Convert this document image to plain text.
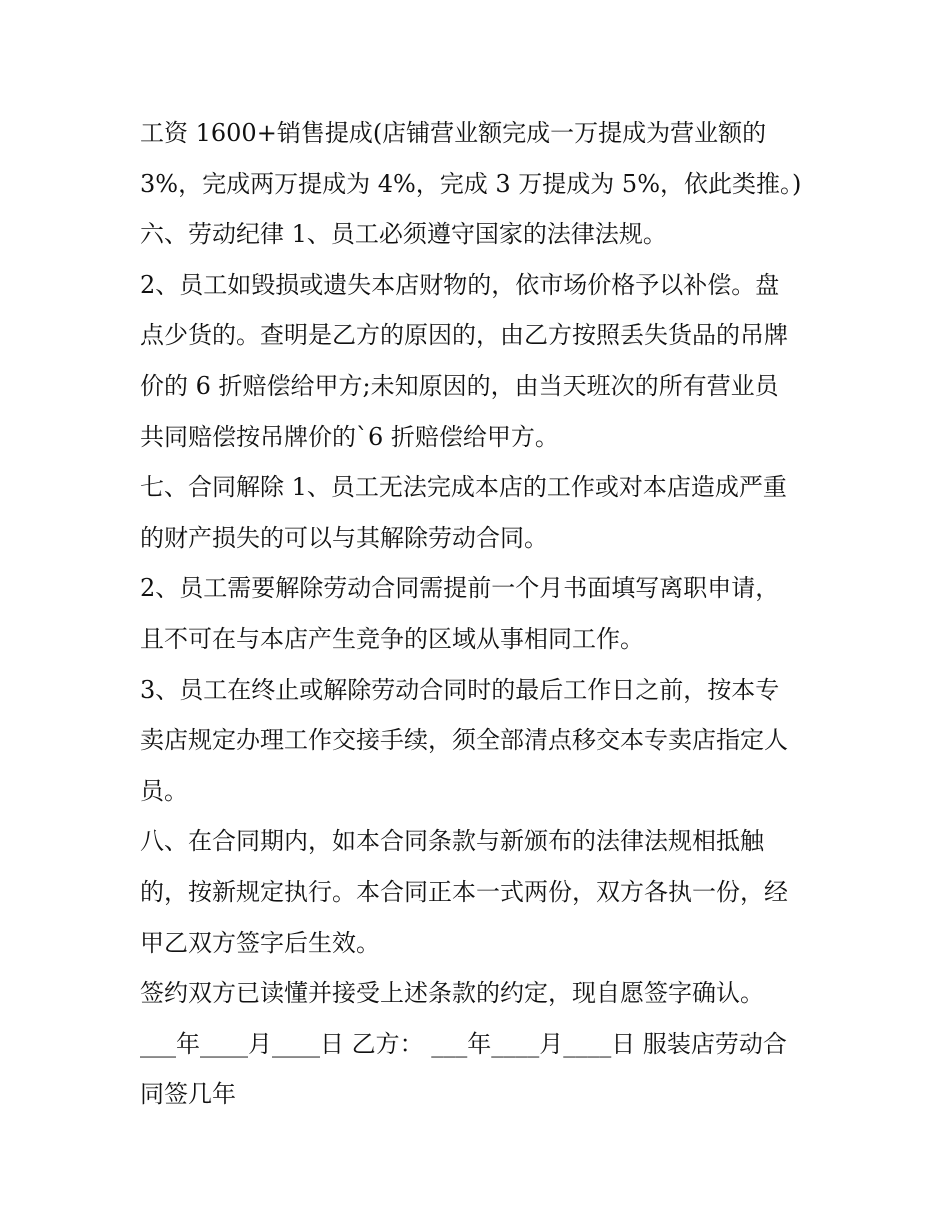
工资 1600+销售提成(店铺营业额完成一万提成为营业额的
3%，完成两万提成为 4%，完成 3 万提成为 5%，依此类推。)
六、劳动纪律 1、员工必须遵守国家的法律法规。
2、员工如毁损或遗失本店财物的，依市场价格予以补偿。盘
点少货的。查明是乙方的原因的，由乙方按照丢失货品的吊牌
价的 6 折赔偿给甲方;未知原因的，由当天班次的所有营业员
共同赔偿按吊牌价的`6 折赔偿给甲方。
七、合同解除 1、员工无法完成本店的工作或对本店造成严重
的财产损失的可以与其解除劳动合同。
2、员工需要解除劳动合同需提前一个月书面填写离职申请，
且不可在与本店产生竞争的区域从事相同工作。
3、员工在终止或解除劳动合同时的最后工作日之前，按本专
卖店规定办理工作交接手续，须全部清点移交本专卖店指定人
员。
八、在合同期内，如本合同条款与新颁布的法律法规相抵触
的，按新规定执行。本合同正本一式两份，双方各执一份，经
甲乙双方签字后生效。
签约双方已读懂并接受上述条款的约定，现自愿签字确认。
___年____月____日 乙方： ___年____月____日 服装店劳动合
同签几年
